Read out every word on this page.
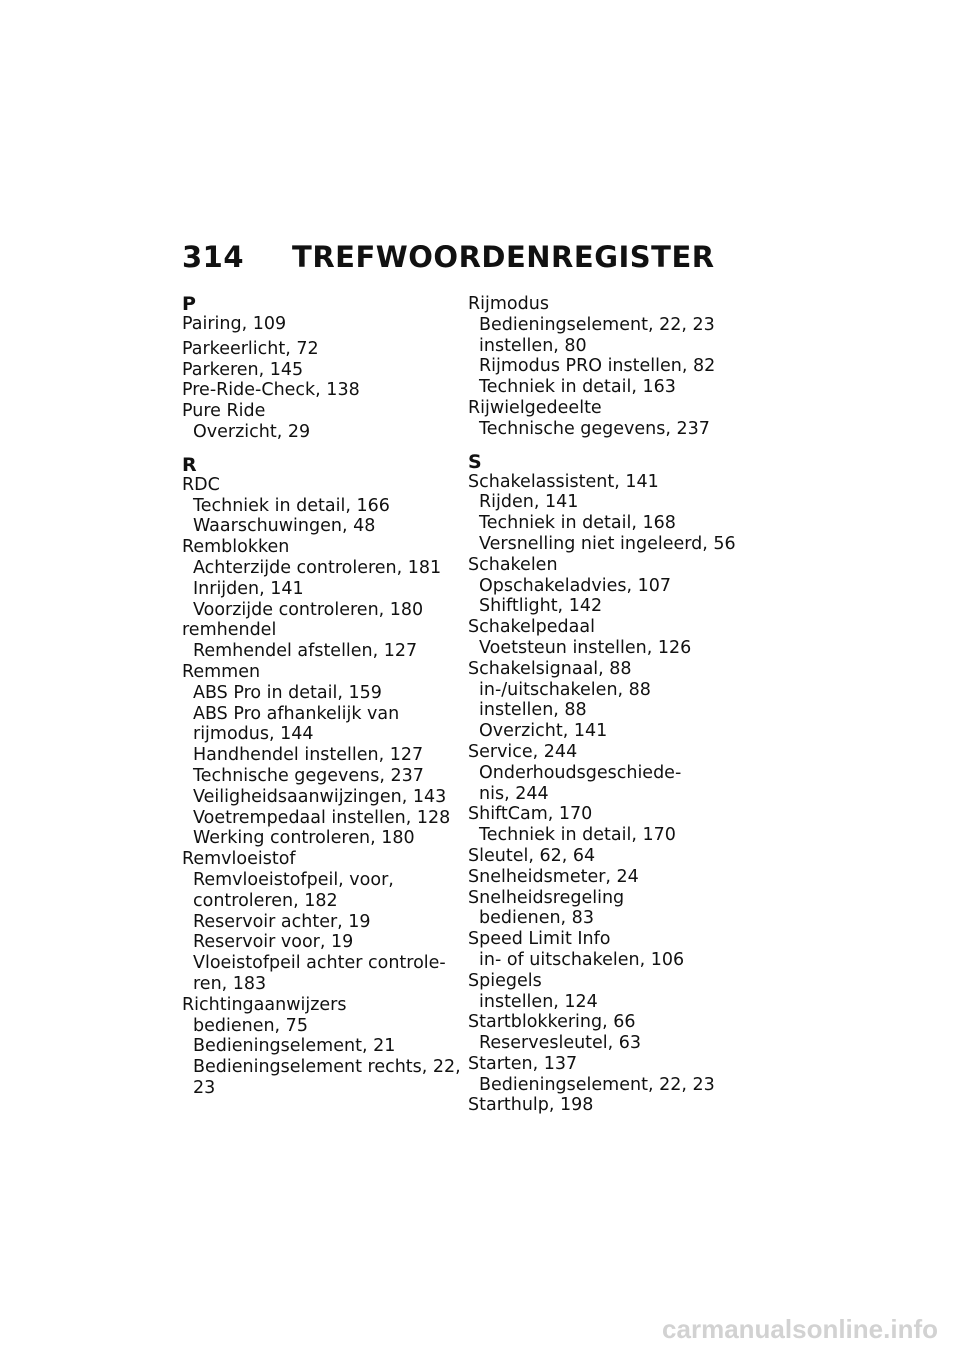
314 TREFWOORDENREGISTER
P
Pairing, 109
Parkeerlicht, 72
Parkeren, 145
Pre-Ride-Check, 138
Pure Ride
Overzicht, 29
R
RDC
Techniek in detail, 166
Waarschuwingen, 48
Remblokken
Achterzijde controleren, 181
Inrijden, 141
Voorzijde controleren, 180
remhendel
Remhendel afstellen, 127
Remmen
ABS Pro in detail, 159
ABS Pro afhankelijk van
rijmodus, 144
Handhendel instellen, 127
Technische gegevens, 237
Veiligheidsaanwijzingen, 143
Voetrempedaal instellen, 128
Werking controleren, 180
Remvloeistof
Remvloeistofpeil, voor,
controleren, 182
Reservoir achter, 19
Reservoir voor, 19
Vloeistofpeil achter controle-
ren, 183
Richtingaanwijzers
bedienen, 75
Bedieningselement, 21
Bedieningselement rechts, 22,
23
Rijmodus
Bedieningselement, 22, 23
instellen, 80
Rijmodus PRO instellen, 82
Techniek in detail, 163
Rijwielgedeelte
Technische gegevens, 237
S
Schakelassistent, 141
Rijden, 141
Techniek in detail, 168
Versnelling niet ingeleerd, 56
Schakelen
Opschakeladvies, 107
Shiftlight, 142
Schakelpedaal
Voetsteun instellen, 126
Schakelsignaal, 88
in-/uitschakelen, 88
instellen, 88
Overzicht, 141
Service, 244
Onderhoudsgeschiede-
nis, 244
ShiftCam, 170
Techniek in detail, 170
Sleutel, 62, 64
Snelheidsmeter, 24
Snelheidsregeling
bedienen, 83
Speed Limit Info
in- of uitschakelen, 106
Spiegels
instellen, 124
Startblokkering, 66
Reservesleutel, 63
Starten, 137
Bedieningselement, 22, 23
Starthulp, 198
carmanualsonline.info
